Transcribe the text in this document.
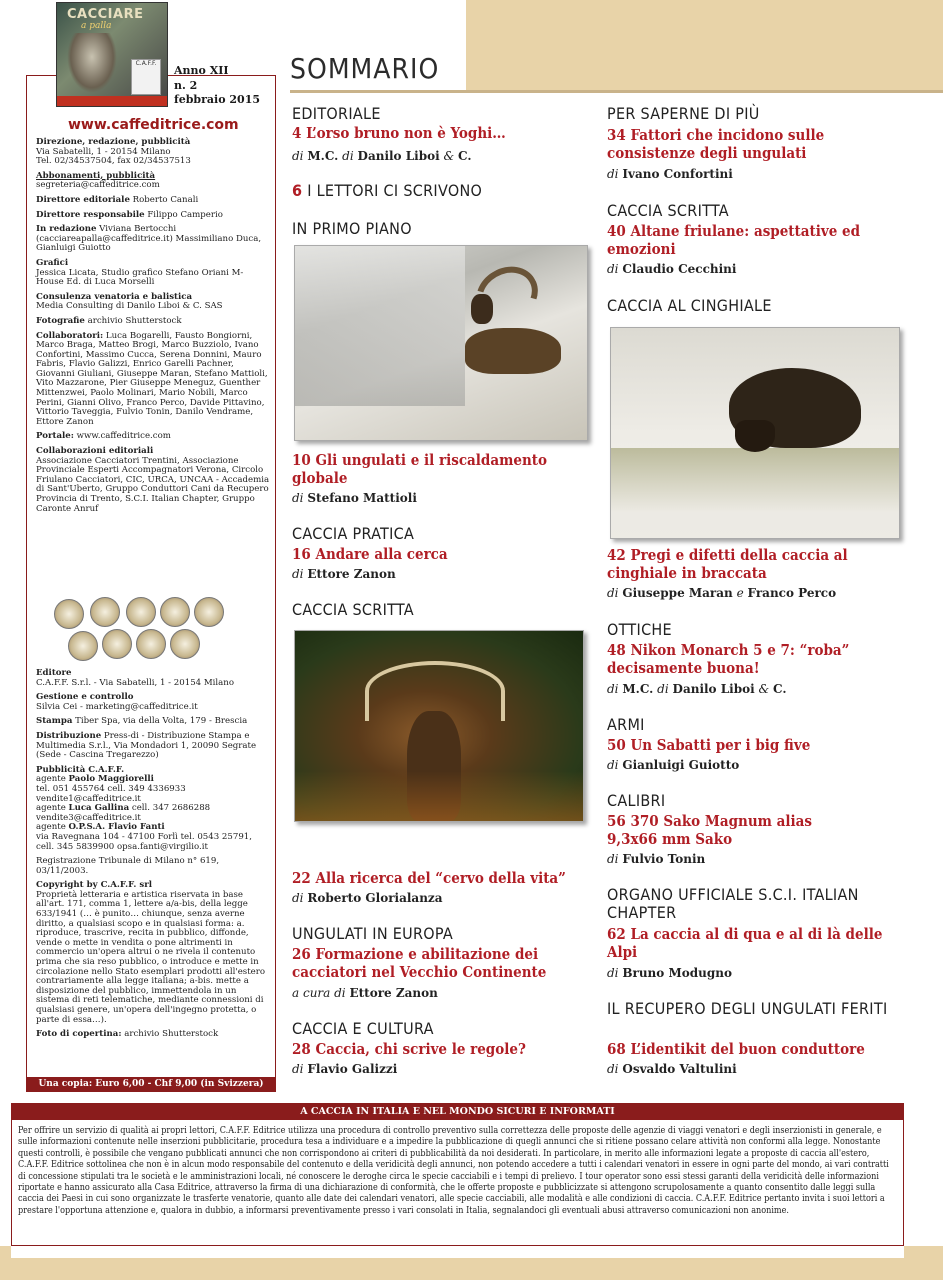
SOMMARIO
CACCIARE
a palla
C.A.F.F.
Anno XII
n. 2
febbraio 2015
www.caffeditrice.com

Direzione, redazione, pubblicità
Via Sabatelli, 1 - 20154 Milano
Tel. 02/34537504, fax 02/34537513

Abbonamenti, pubblicità
segreteria@caffeditrice.com

Direttore editoriale Roberto Canali

Direttore responsabile Filippo Camperio

In redazione Viviana Bertocchi (cacciareapalla@caffeditrice.it) Massimiliano Duca, Gianluigi Guiotto

Grafici
Jessica Licata, Studio grafico Stefano Oriani M-House Ed. di Luca Morselli

Consulenza venatoria e balistica
Media Consulting di Danilo Liboi & C. SAS

Fotografie archivio Shutterstock

Collaboratori: Luca Bogarelli, Fausto Bongiorni, Marco Braga, Matteo Brogi, Marco Buzziolo, Ivano Confortini, Massimo Cucca, Serena Donnini, Mauro Fabris, Flavio Galizzi, Enrico Garelli Pachner, Giovanni Giuliani, Giuseppe Maran, Stefano Mattioli, Vito Mazzarone, Pier Giuseppe Meneguz, Guenther Mittenzwei, Paolo Molinari, Mario Nobili, Marco Perini, Gianni Olivo, Franco Perco, Davide Pittavino, Vittorio Taveggia, Fulvio Tonin, Danilo Vendrame, Ettore Zanon

Portale: www.caffeditrice.com

Collaborazioni editoriali
Associazione Cacciatori Trentini, Associazione Provinciale Esperti Accompagnatori Verona, Circolo Friulano Cacciatori, CIC, URCA, UNCAA - Accademia di Sant'Uberto, Gruppo Conduttori Cani da Recupero Provincia di Trento, S.C.I. Italian Chapter, Gruppo Caronte Anruf

Editore
C.A.F.F. S.r.l. - Via Sabatelli, 1 - 20154 Milano

Gestione e controllo
Silvia Cei - marketing@caffeditrice.it

Stampa Tiber Spa, via della Volta, 179 - Brescia

Distribuzione Press-di - Distribuzione Stampa e Multimedia S.r.l., Via Mondadori 1, 20090 Segrate (Sede - Cascina Tregarezzo)

Pubblicità C.A.F.F.
agente Paolo Maggiorelli
tel. 051 455764 cell. 349 4336933 vendite1@caffeditrice.it
agente Luca Gallina cell. 347 2686288 vendite3@caffeditrice.it
agente O.P.S.A. Flavio Fanti
via Ravegnana 104 - 47100 Forlì tel. 0543 25791, cell. 345 5839900 opsa.fanti@virgilio.it

Registrazione Tribunale di Milano n° 619, 03/11/2003.

Copyright by C.A.F.F. srl
Proprietà letteraria e artistica riservata in base all'art. 171, comma 1, lettere a/a-bis, della legge 633/1941 (… è punito… chiunque, senza averne diritto, a qualsiasi scopo e in qualsiasi forma: a. riproduce, trascrive, recita in pubblico, diffonde, vende o mette in vendita o pone altrimenti in commercio un'opera altrui o ne rivela il contenuto prima che sia reso pubblico, o introduce e mette in circolazione nello Stato esemplari prodotti all'estero contrariamente alla legge italiana; a-bis. mette a disposizione del pubblico, immettendola in un sistema di reti telematiche, mediante connessioni di qualsiasi genere, un'opera dell'ingegno protetta, o parte di essa…).

Foto di copertina: archivio Shutterstock

Una copia: Euro 6,00 - Chf 9,00 (in Svizzera)
EDITORIALE
4 L’orso bruno non è Yoghi…
di M.C. di Danilo Liboi & C.
6 I LETTORI CI SCRIVONO
IN PRIMO PIANO
10 Gli ungulati e il riscaldamento globale
di Stefano Mattioli
CACCIA PRATICA
16 Andare alla cerca
di Ettore Zanon
CACCIA SCRITTA
22 Alla ricerca del “cervo della vita”
di Roberto Glorialanza
UNGULATI IN EUROPA
26 Formazione e abilitazione dei cacciatori nel Vecchio Continente
a cura di Ettore Zanon
CACCIA E CULTURA
28 Caccia, chi scrive le regole?
di Flavio Galizzi
PER SAPERNE DI PIÙ
34 Fattori che incidono sulle consistenze degli ungulati
di Ivano Confortini
CACCIA SCRITTA
40 Altane friulane: aspettative ed emozioni
di Claudio Cecchini
CACCIA AL CINGHIALE
42 Pregi e difetti della caccia al cinghiale in braccata
di Giuseppe Maran e Franco Perco
OTTICHE
48 Nikon Monarch 5 e 7: “roba” decisamente buona!
di M.C. di Danilo Liboi & C.
ARMI
50 Un Sabatti per i big five
di Gianluigi Guiotto
CALIBRI
56 370 Sako Magnum alias 9,3x66 mm Sako
di Fulvio Tonin
ORGANO UFFICIALE S.C.I. ITALIAN CHAPTER
62 La caccia al di qua e al di là delle Alpi
di Bruno Modugno
IL RECUPERO DEGLI UNGULATI FERITI
68 L’identikit del buon conduttore
di Osvaldo Valtulini
A CACCIA IN ITALIA E NEL MONDO SICURI E INFORMATI
Per offrire un servizio di qualità ai propri lettori, C.A.F.F. Editrice utilizza una procedura di controllo preventivo sulla correttezza delle proposte delle agenzie di viaggi venatori e degli inserzionisti in generale, e sulle informazioni contenute nelle inserzioni pubblicitarie, procedura tesa a individuare e a impedire la pubblicazione di quegli annunci che si ritiene possano celare attività non conformi alla legge. Nonostante questi controlli, è possibile che vengano pubblicati annunci che non corrispondono ai criteri di pubblicabilità da noi desiderati. In particolare, in merito alle informazioni legate a proposte di caccia all'estero, C.A.F.F. Editrice sottolinea che non è in alcun modo responsabile del contenuto e della veridicità degli annunci, non potendo accedere a tutti i calendari venatori in essere in ogni parte del mondo, ai vari contratti di concessione stipulati tra le società e le amministrazioni locali, né conoscere le deroghe circa le specie cacciabili e i tempi di prelievo. I tour operator sono essi stessi garanti della veridicità delle informazioni riportate e hanno assicurato alla Casa Editrice, attraverso la firma di una dichiarazione di conformità, che le offerte proposte e pubblicizzate si attengono scrupolosamente a quanto consentito dalle leggi sulla caccia dei Paesi in cui sono organizzate le trasferte venatorie, quanto alle date dei calendari venatori, alle specie cacciabili, alle modalità e alle condizioni di caccia. C.A.F.F. Editrice pertanto invita i suoi lettori a prestare l'opportuna attenzione e, qualora in dubbio, a informarsi preventivamente presso i vari consolati in Italia, segnalandoci gli eventuali abusi attraverso comunicazioni non anonime.
